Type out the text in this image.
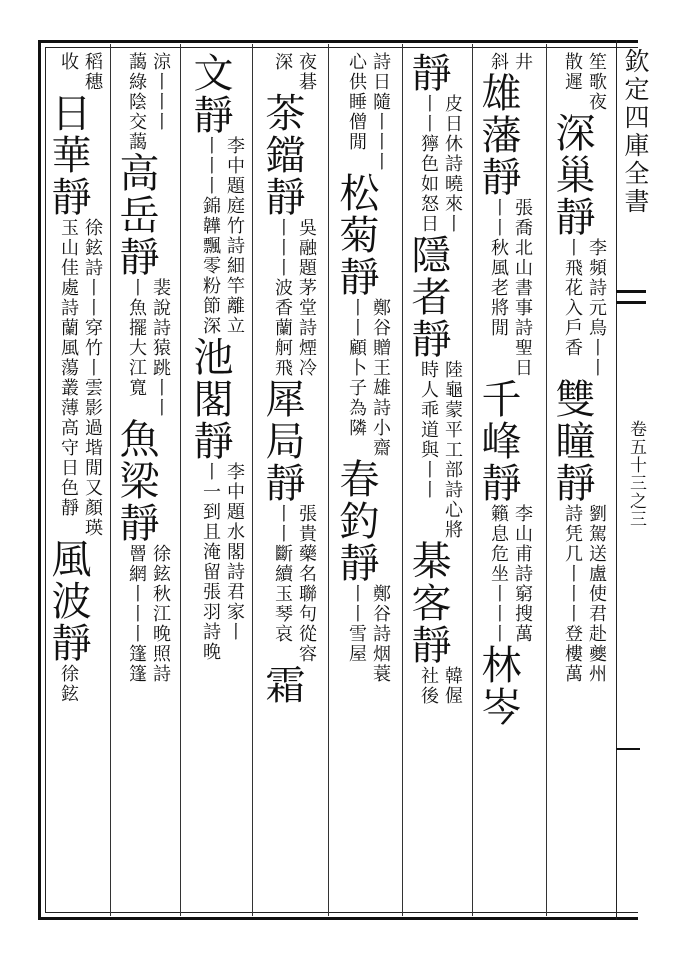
欽定四庫全書
卷五十三之三
笙歌夜
散遲
深巢靜
李頻詩元鳥丨丨
丨飛花入戶香
雙瞳靜
劉駕送盧使君赴夔州
詩凭几丨丨丨登樓萬
井
斜
雄藩靜
張喬北山書事詩聖日
丨丨秋風老將閒
千峰靜
李山甫詩窮搜萬
籟息危坐丨丨丨
林岑
靜
皮日休詩曉來丨
丨丨獰色如怒日
隱者靜
陸龜蒙平工部詩心將
時人乖道與丨丨
棊客靜
韓偓
社後
詩日隨丨丨丨
心供睡僧閒
松菊靜
鄭谷贈王雄詩小齋
丨丨顧卜子為隣
春釣靜
鄭谷詩烟蓑
丨丨雪屋
夜碁
深
茶鐺靜
吳融題茅堂詩煙冷
丨丨丨波香蘭舸飛
犀局靜
張貴藥名聯句從容
丨丨斷續玉琴哀
霜
文靜
李中題庭竹詩細竿離立
丨丨丨錦韡飄零粉節深
池閣靜
李中題水閣詩君家丨
丨一到且淹留張羽詩晚
涼丨丨丨
藹綠陰交
藹
高岳靜
裴說詩猿跳丨丨
丨魚擺大江寬
魚梁靜
徐鉉秋江晚照詩
罾網丨丨丨篷篷
稻穗
收
日華靜
徐鉉詩丨丨穿竹丨雲影過堦閒又顏瑛
玉山佳處詩蘭風蕩叢薄高守日色靜
風波靜
徐鉉
